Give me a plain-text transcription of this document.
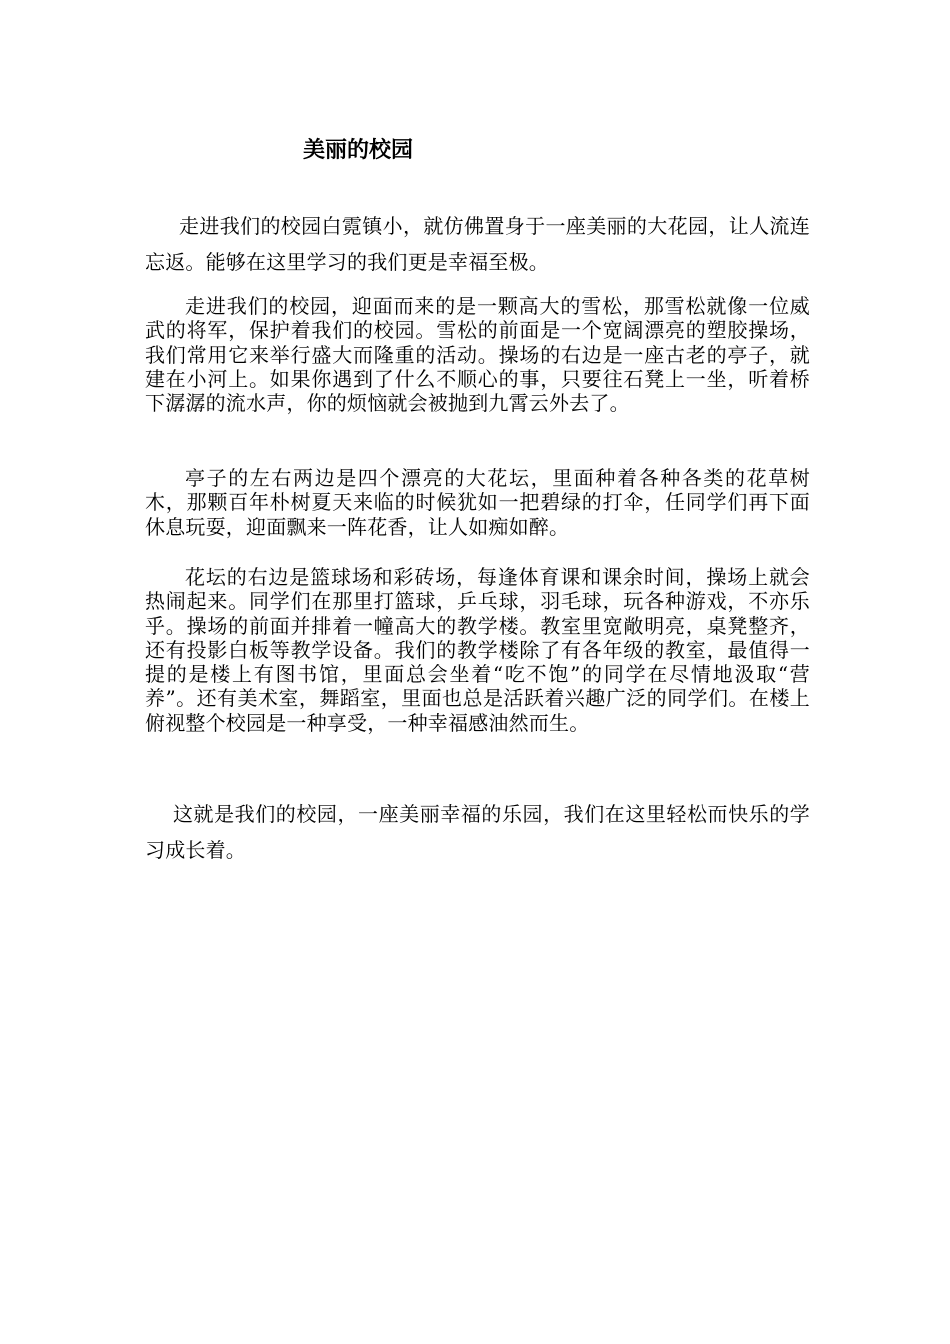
美丽的校园

走进我们的校园白霓镇小，就仿佛置身于一座美丽的大花园，让人流连忘返。能够在这里学习的我们更是幸福至极。

走进我们的校园，迎面而来的是一颗高大的雪松，那雪松就像一位威武的将军，保护着我们的校园。雪松的前面是一个宽阔漂亮的塑胶操场，我们常用它来举行盛大而隆重的活动。操场的右边是一座古老的亭子，就建在小河上。如果你遇到了什么不顺心的事，只要往石凳上一坐，听着桥下潺潺的流水声，你的烦恼就会被抛到九霄云外去了。

亭子的左右两边是四个漂亮的大花坛，里面种着各种各类的花草树木，那颗百年朴树夏天来临的时候犹如一把碧绿的打伞，任同学们再下面休息玩耍，迎面飘来一阵花香，让人如痴如醉。

花坛的右边是篮球场和彩砖场，每逢体育课和课余时间，操场上就会热闹起来。同学们在那里打篮球，乒乓球，羽毛球，玩各种游戏，不亦乐乎。操场的前面并排着一幢高大的教学楼。教室里宽敞明亮，桌凳整齐，还有投影白板等教学设备。我们的教学楼除了有各年级的教室，最值得一提的是楼上有图书馆，里面总会坐着“吃不饱”的同学在尽情地汲取“营养”。还有美术室，舞蹈室，里面也总是活跃着兴趣广泛的同学们。在楼上俯视整个校园是一种享受，一种幸福感油然而生。

这就是我们的校园，一座美丽幸福的乐园，我们在这里轻松而快乐的学习成长着。
